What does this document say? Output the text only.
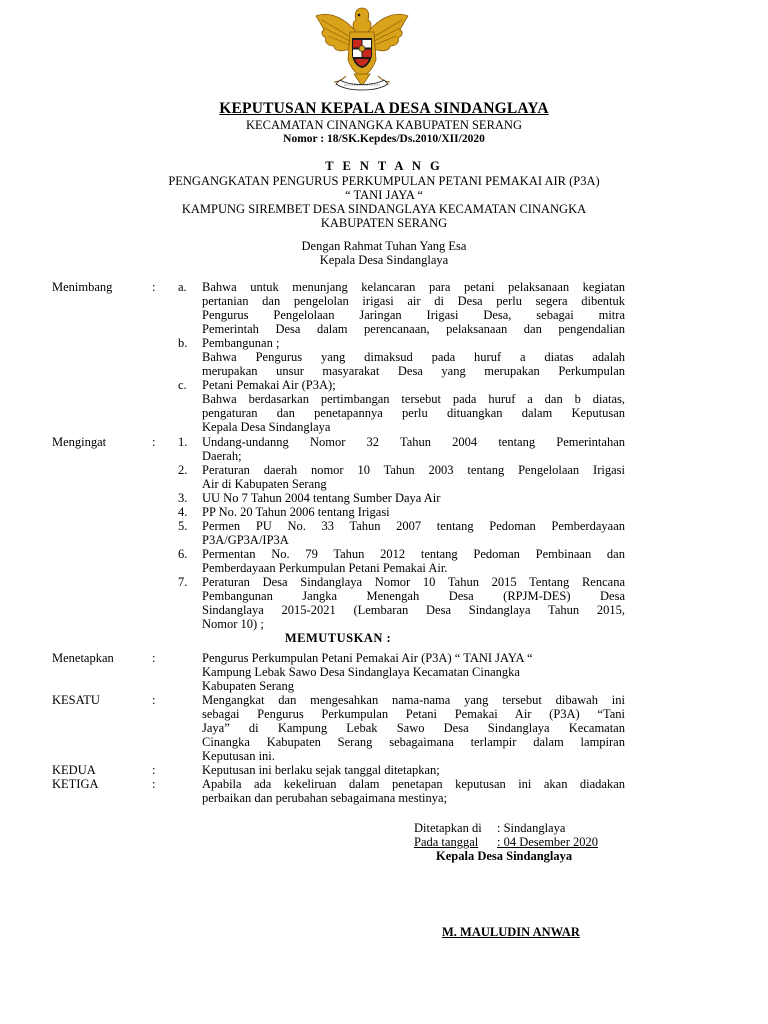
KEPUTUSAN KEPALA DESA SINDANGLAYA
KECAMATAN CINANGKA KABUPATEN SERANG
Nomor : 18/SK.Kepdes/Ds.2010/XII/2020
T E N T A N G
PENGANGKATAN PENGURUS PERKUMPULAN PETANI PEMAKAI AIR (P3A)
“ TANI JAYA “
KAMPUNG SIREMBET DESA SINDANGLAYA KECAMATAN CINANGKA
KABUPATEN SERANG
Dengan Rahmat Tuhan Yang Esa
Kepala Desa Sindanglaya
Menimbang	: a. Bahwa untuk menunjang kelancaran para petani pelaksanaan kegiatan
pertanian dan pengelolan irigasi air di Desa perlu segera dibentuk
Pengurus Pengelolaan Jaringan Irigasi Desa, sebagai mitra
Pemerintah Desa dalam perencanaan, pelaksanaan dan pengendalian
b. Pembangunan ;
Bahwa Pengurus yang dimaksud pada huruf a diatas adalah
merupakan unsur masyarakat Desa yang merupakan Perkumpulan
c. Petani Pemakai Air (P3A);
Bahwa berdasarkan pertimbangan tersebut pada huruf a dan b diatas,
pengaturan dan penetapannya perlu dituangkan dalam Keputusan
Kepala Desa Sindanglaya
Mengingat	: 1. Undang-undanng Nomor 32 Tahun 2004 tentang Pemerintahan
Daerah;
2. Peraturan daerah nomor 10 Tahun 2003 tentang Pengelolaan Irigasi
Air di Kabupaten Serang
3. UU No 7 Tahun 2004 tentang Sumber Daya Air
4. PP No. 20 Tahun 2006 tentang Irigasi
5. Permen PU No. 33 Tahun 2007 tentang Pedoman Pemberdayaan
P3A/GP3A/IP3A
6. Permentan No. 79 Tahun 2012 tentang Pedoman Pembinaan dan
Pemberdayaan Perkumpulan Petani Pemakai Air.
7. Peraturan Desa Sindanglaya Nomor 10 Tahun 2015 Tentang Rencana
Pembangunan Jangka Menengah Desa (RPJM-DES) Desa
Sindanglaya 2015-2021 (Lembaran Desa Sindanglaya Tahun 2015,
Nomor 10) ;
MEMUTUSKAN :
Menetapkan	:	Pengurus Perkumpulan Petani Pemakai Air (P3A) “ TANI JAYA “
Kampung Lebak Sawo Desa Sindanglaya Kecamatan Cinangka
Kabupaten Serang
KESATU	:	Mengangkat dan mengesahkan nama-nama yang tersebut dibawah ini
sebagai Pengurus Perkumpulan Petani Pemakai Air (P3A) “Tani
Jaya” di Kampung Lebak Sawo Desa Sindanglaya Kecamatan
Cinangka Kabupaten Serang sebagaimana terlampir dalam lampiran
Keputusan ini.
KEDUA	:	Keputusan ini berlaku sejak tanggal ditetapkan;
KETIGA	:	Apabila ada kekeliruan dalam penetapan keputusan ini akan diadakan
perbaikan dan perubahan sebagaimana mestinya;
Ditetapkan di : Sindanglaya
Pada tanggal : 04 Desember 2020
Kepala Desa Sindanglaya
M. MAULUDIN ANWAR
